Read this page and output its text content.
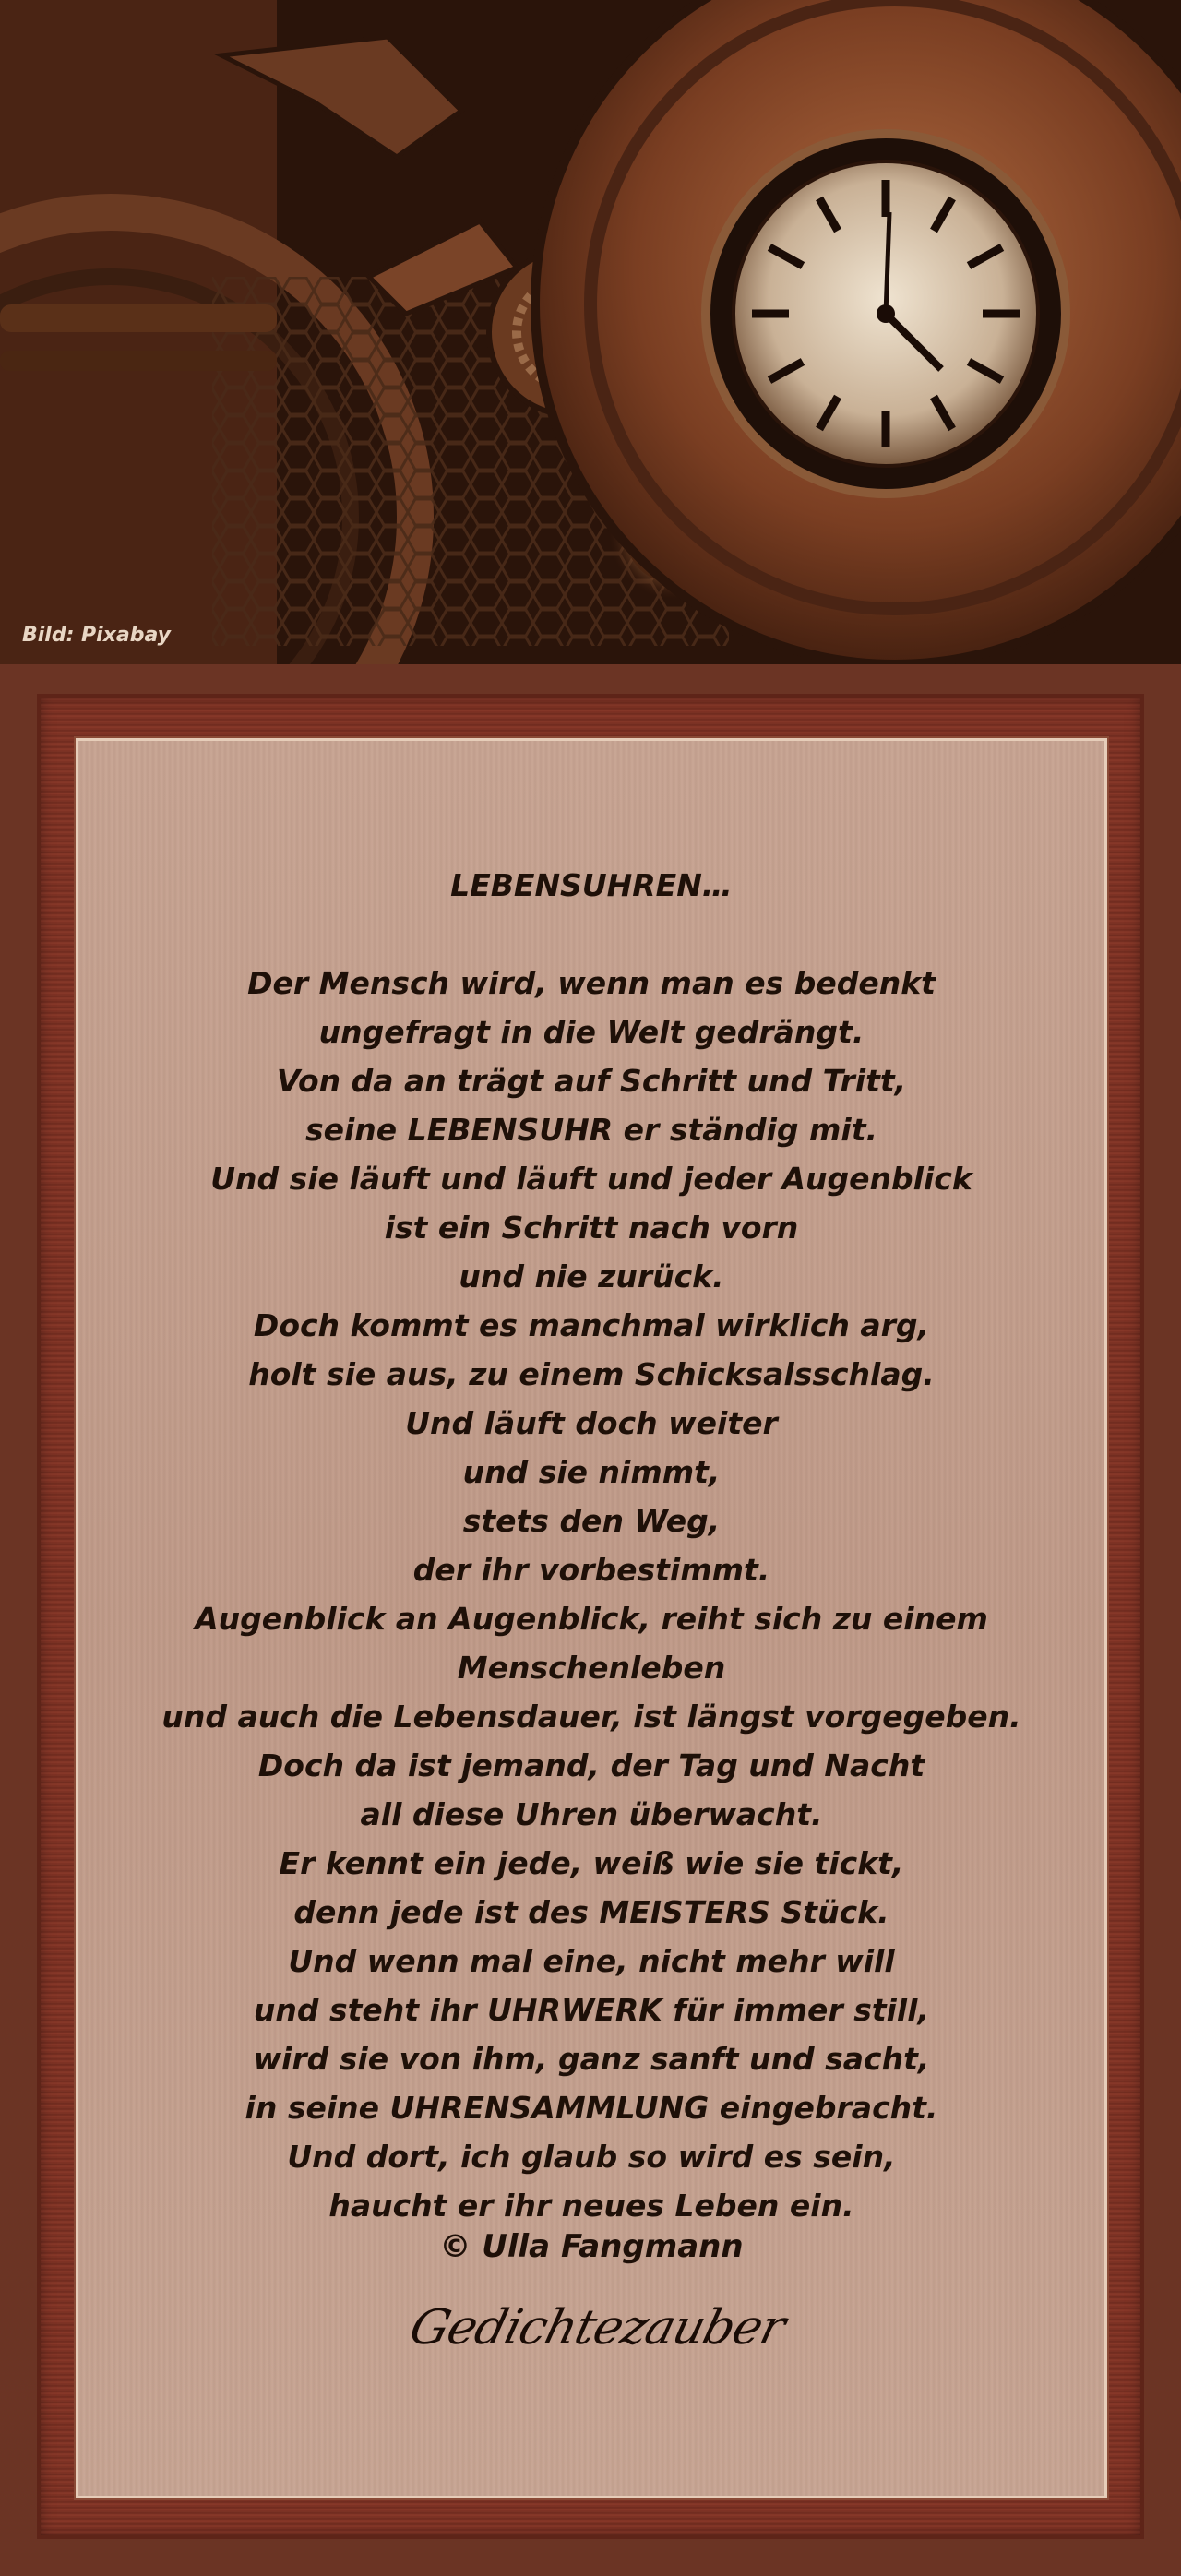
Bild: Pixabay
LEBENSUHREN…
Der Mensch wird, wenn man es bedenkt
ungefragt in die Welt gedrängt.
Von da an trägt auf Schritt und Tritt,
seine LEBENSUHR er ständig mit.
Und sie läuft und läuft und jeder Augenblick
ist ein Schritt nach vorn
und nie zurück.
Doch kommt es manchmal wirklich arg,
holt sie aus, zu einem Schicksalsschlag.
Und läuft doch weiter
und sie nimmt,
stets den Weg,
der ihr vorbestimmt.
Augenblick an Augenblick, reiht sich zu einem
Menschenleben
und auch die Lebensdauer, ist längst vorgegeben.
Doch da ist jemand, der Tag und Nacht
all diese Uhren überwacht.
Er kennt ein jede, weiß wie sie tickt,
denn jede ist des MEISTERS Stück.
Und wenn mal eine, nicht mehr will
und steht ihr UHRWERK für immer still,
wird sie von ihm, ganz sanft und sacht,
in seine UHRENSAMMLUNG eingebracht.
Und dort, ich glaub so wird es sein,
haucht er ihr neues Leben ein.
© Ulla Fangmann
Gedichtezauber
